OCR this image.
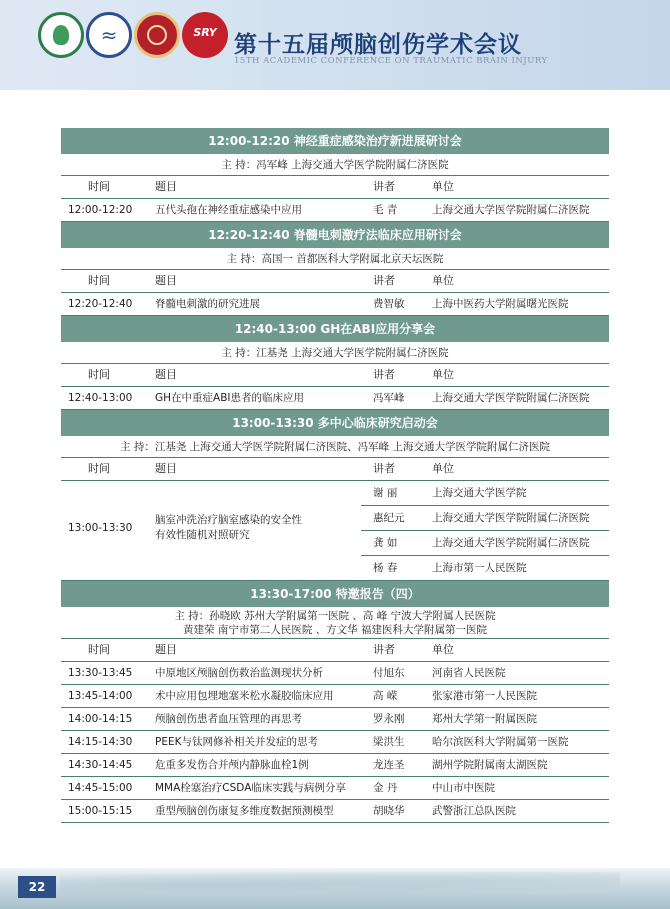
≈
SRY
第十五届颅脑创伤学术会议
15TH ACADEMIC CONFERENCE ON TRAUMATIC BRAIN INJURY
12:00-12:20 神经重症感染治疗新进展研讨会
主 持：冯军峰 上海交通大学医学院附属仁济医院
时间	题目	讲者	单位
12:00-12:20 五代头孢在神经重症感染中应用	毛 青	上海交通大学医学院附属仁济医院
12:20-12:40 脊髓电刺激疗法临床应用研讨会
主 持：高国一 首都医科大学附属北京天坛医院
时间	题目	讲者	单位
12:20-12:40 脊髓电刺激的研究进展	费智敏	上海中医药大学附属曙光医院
12:40-13:00 GH在ABI应用分享会
主 持：江基尧 上海交通大学医学院附属仁济医院
时间	题目	讲者	单位
12:40-13:00 GH在中重症ABI患者的临床应用	冯军峰	上海交通大学医学院附属仁济医院
13:00-13:30 多中心临床研究启动会
主 持：江基尧 上海交通大学医学院附属仁济医院、冯军峰 上海交通大学医学院附属仁济医院
时间	题目	讲者	单位
13:00-13:30
脑室冲洗治疗脑室感染的安全性
有效性随机对照研究
谢 丽	上海交通大学医学院
惠纪元	上海交通大学医学院附属仁济医院
龚 如	上海交通大学医学院附属仁济医院
杨 春	上海市第一人民医院
13:30-17:00 特邀报告（四）
主 持：孙晓欧 苏州大学附属第一医院 、高 峰 宁波大学附属人民医院
黄建荣 南宁市第二人民医院 、方文华 福建医科大学附属第一医院
时间	题目	讲者	单位
13:30-13:45 中原地区颅脑创伤救治监测现状分析	付旭东	河南省人民医院
13:45-14:00 术中应用包埋地塞米松水凝胶临床应用	高 嵘	张家港市第一人民医院
14:00-14:15 颅脑创伤患者血压管理的再思考	罗永刚	郑州大学第一附属医院
14:15-14:30 PEEK与钛网修补相关并发症的思考	梁洪生	哈尔滨医科大学附属第一医院
14:30-14:45 危重多发伤合并颅内静脉血栓1例	龙连圣	湖州学院附属南太湖医院
14:45-15:00 MMA栓塞治疗CSDA临床实践与病例分享	金 丹	中山市中医院
15:00-15:15 重型颅脑创伤康复多维度数据预测模型	胡晓华	武警浙江总队医院
22
